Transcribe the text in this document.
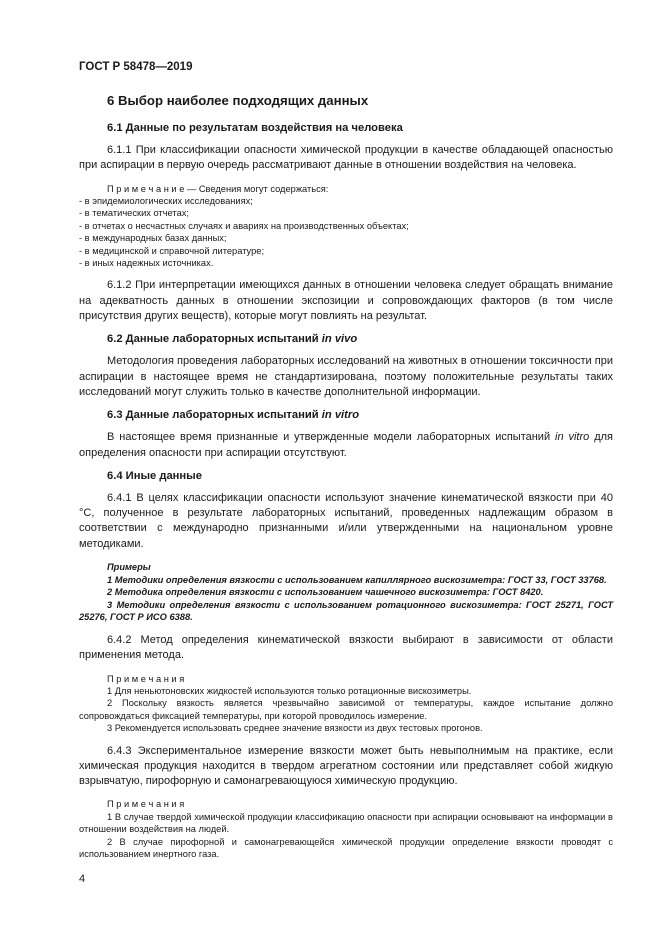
ГОСТ Р 58478—2019
6 Выбор наиболее подходящих данных
6.1 Данные по результатам воздействия на человека

6.1.1 При классификации опасности химической продукции в качестве обладающей опасностью при аспирации в первую очередь рассматривают данные в отношении воздействия на человека.

П р и м е ч а н и е — Сведения могут содержаться:
- в эпидемиологических исследованиях;
- в тематических отчетах;
- в отчетах о несчастных случаях и авариях на производственных объектах;
- в международных базах данных;
- в медицинской и справочной литературе;
- в иных надежных источниках.

6.1.2 При интерпретации имеющихся данных в отношении человека следует обращать внимание на адекватность данных в отношении экспозиции и сопровождающих факторов (в том числе присутствия других веществ), которые могут повлиять на результат.

6.2 Данные лабораторных испытаний in vivo

Методология проведения лабораторных исследований на животных в отношении токсичности при аспирации в настоящее время не стандартизирована, поэтому положительные результаты таких исследований могут служить только в качестве дополнительной информации.

6.3 Данные лабораторных испытаний in vitro

В настоящее время признанные и утвержденные модели лабораторных испытаний in vitro для определения опасности при аспирации отсутствуют.

6.4 Иные данные

6.4.1 В целях классификации опасности используют значение кинематической вязкости при 40 °С, полученное в результате лабораторных испытаний, проведенных надлежащим образом в соответствии с международно признанными и/или утвержденными на национальном уровне методиками.

Примеры
1 Методики определения вязкости с использованием капиллярного вискозиметра: ГОСТ 33, ГОСТ 33768.
2 Методика определения вязкости с использованием чашечного вискозиметра: ГОСТ 8420.
3 Методики определения вязкости с использованием ротационного вискозиметра: ГОСТ 25271, ГОСТ 25276, ГОСТ Р ИСО 6388.

6.4.2 Метод определения кинематической вязкости выбирают в зависимости от области применения метода.

П р и м е ч а н и я
1 Для неньютоновских жидкостей используются только ротационные вискозиметры.
2 Поскольку вязкость является чрезвычайно зависимой от температуры, каждое испытание должно сопровождаться фиксацией температуры, при которой проводилось измерение.
3 Рекомендуется использовать среднее значение вязкости из двух тестовых прогонов.

6.4.3 Экспериментальное измерение вязкости может быть невыполнимым на практике, если химическая продукция находится в твердом агрегатном состоянии или представляет собой жидкую взрывчатую, пирофорную и самонагревающуюся химическую продукцию.

П р и м е ч а н и я
1 В случае твердой химической продукции классификацию опасности при аспирации основывают на информации в отношении воздействия на людей.
2 В случае пирофорной и самонагревающейся химической продукции определение вязкости проводят с использованием инертного газа.
4
